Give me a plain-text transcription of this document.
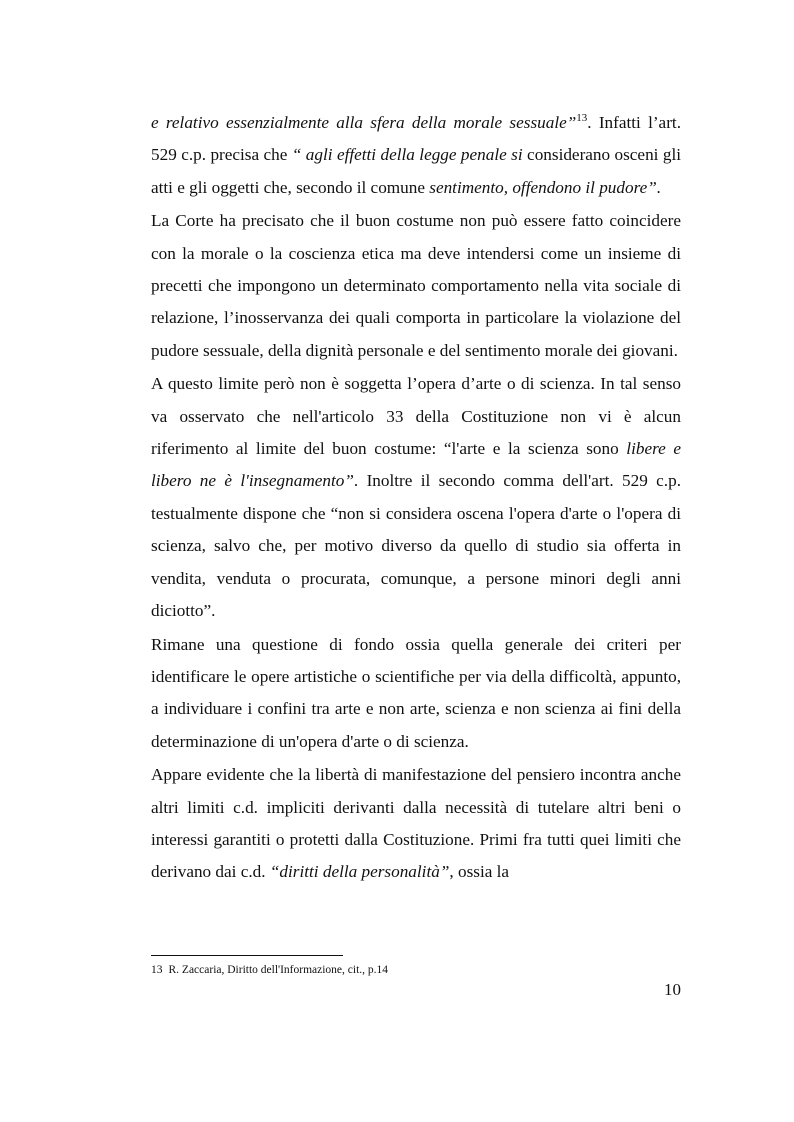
e relativo essenzialmente alla sfera della morale sessuale”$^{13}$. Infatti l’art. 529 c.p. precisa che “ agli effetti della legge penale si considerano osceni gli atti e gli oggetti che, secondo il comune sentimento, offendono il pudore”.

La Corte ha precisato che il buon costume non può essere fatto coincidere con la morale o la coscienza etica ma deve intendersi come un insieme di precetti che impongono un determinato comportamento nella vita sociale di relazione, l’inosservanza dei quali comporta in particolare la violazione del pudore sessuale, della dignità personale e del sentimento morale dei giovani.

A questo limite però non è soggetta l’opera d’arte o di scienza. In tal senso va osservato che nell'articolo 33 della Costituzione non vi è alcun riferimento al limite del buon costume: “l'arte e la scienza sono libere e libero ne è l'insegnamento”. Inoltre il secondo comma dell'art. 529 c.p. testualmente dispone che “non si considera oscena l'opera d'arte o l'opera di scienza, salvo che, per motivo diverso da quello di studio sia offerta in vendita, venduta o procurata, comunque, a persone minori degli anni diciotto”.

Rimane una questione di fondo ossia quella generale dei criteri per identificare le opere artistiche o scientifiche per via della difficoltà, appunto, a individuare i confini tra arte e non arte, scienza e non scienza ai fini della determinazione di un'opera d'arte o di scienza.

Appare evidente che la libertà di manifestazione del pensiero incontra anche altri limiti c.d. impliciti derivanti dalla necessità di tutelare altri beni o interessi garantiti o protetti dalla Costituzione. Primi fra tutti quei limiti che derivano dai c.d. “diritti della personalità”, ossia la

13 R. Zaccaria, Diritto dell'Informazione, cit., p.14
10
